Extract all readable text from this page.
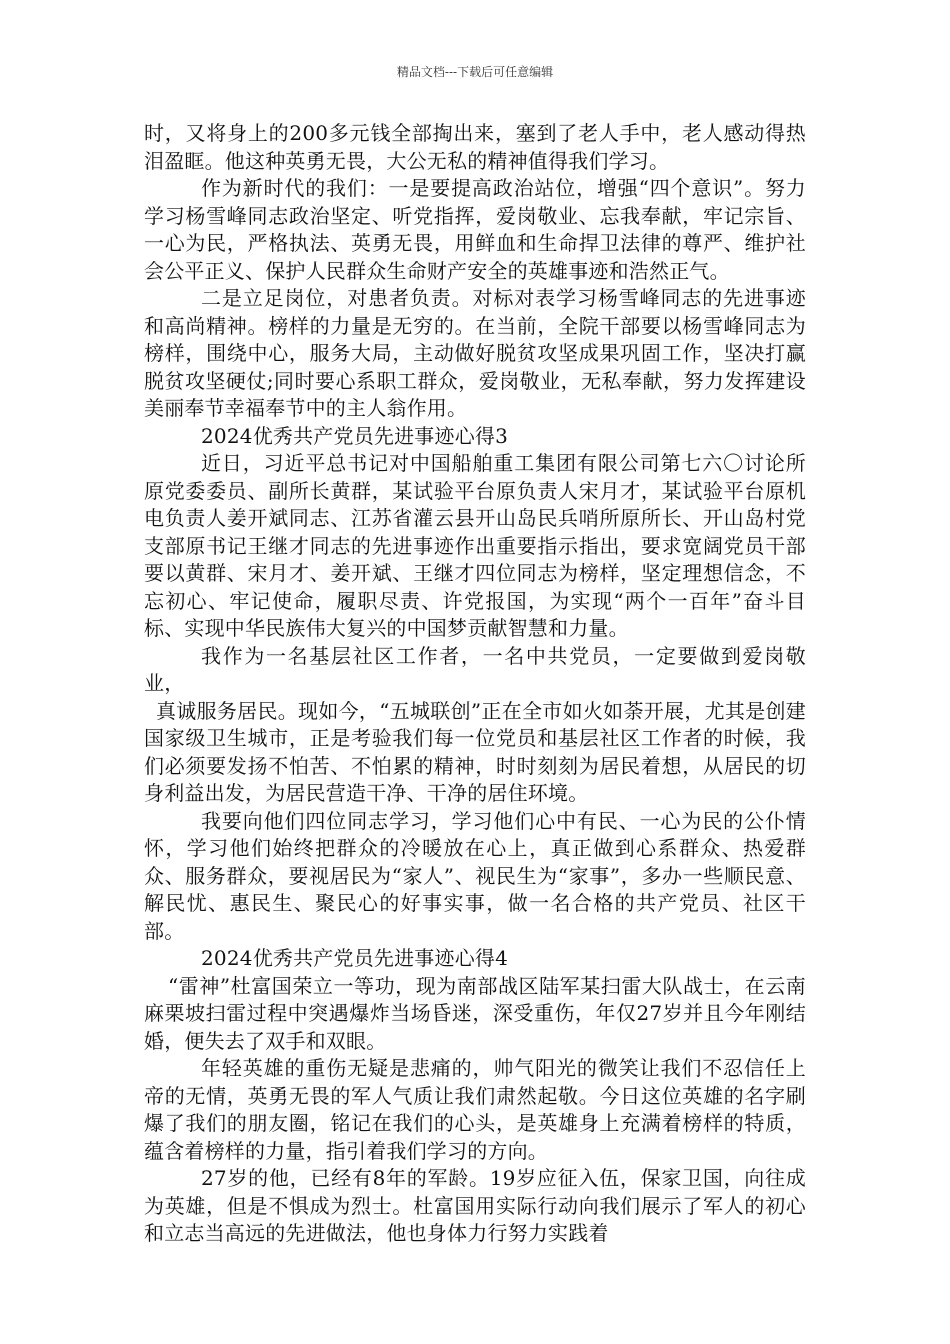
精品文档---下载后可任意编辑

时，又将身上的200多元钱全部掏出来，塞到了老人手中，老人感动得热泪盈眶。他这种英勇无畏，大公无私的精神值得我们学习。

作为新时代的我们：一是要提高政治站位，增强“四个意识”。努力学习杨雪峰同志政治坚定、听党指挥，爱岗敬业、忘我奉献，牢记宗旨、一心为民，严格执法、英勇无畏，用鲜血和生命捍卫法律的尊严、维护社会公平正义、保护人民群众生命财产安全的英雄事迹和浩然正气。

二是立足岗位，对患者负责。对标对表学习杨雪峰同志的先进事迹和高尚精神。榜样的力量是无穷的。在当前，全院干部要以杨雪峰同志为榜样，围绕中心，服务大局，主动做好脱贫攻坚成果巩固工作，坚决打赢脱贫攻坚硬仗;同时要心系职工群众，爱岗敬业，无私奉献，努力发挥建设美丽奉节幸福奉节中的主人翁作用。

2024优秀共产党员先进事迹心得3

近日，习近平总书记对中国船舶重工集团有限公司第七六〇讨论所原党委委员、副所长黄群，某试验平台原负责人宋月才，某试验平台原机电负责人姜开斌同志、江苏省灌云县开山岛民兵哨所原所长、开山岛村党支部原书记王继才同志的先进事迹作出重要指示指出，要求宽阔党员干部要以黄群、宋月才、姜开斌、王继才四位同志为榜样，坚定理想信念，不忘初心、牢记使命，履职尽责、许党报国，为实现“两个一百年”奋斗目标、实现中华民族伟大复兴的中国梦贡献智慧和力量。

我作为一名基层社区工作者，一名中共党员，一定要做到爱岗敬业，

真诚服务居民。现如今，“五城联创”正在全市如火如荼开展，尤其是创建国家级卫生城市，正是考验我们每一位党员和基层社区工作者的时候，我们必须要发扬不怕苦、不怕累的精神，时时刻刻为居民着想，从居民的切身利益出发，为居民营造干净、干净的居住环境。

我要向他们四位同志学习，学习他们心中有民、一心为民的公仆情怀，学习他们始终把群众的冷暖放在心上，真正做到心系群众、热爱群众、服务群众，要视居民为“家人”、视民生为“家事”，多办一些顺民意、解民忧、惠民生、聚民心的好事实事，做一名合格的共产党员、社区干部。

2024优秀共产党员先进事迹心得4

“雷神”杜富国荣立一等功，现为南部战区陆军某扫雷大队战士，在云南麻栗坡扫雷过程中突遇爆炸当场昏迷，深受重伤，年仅27岁并且今年刚结婚，便失去了双手和双眼。

年轻英雄的重伤无疑是悲痛的，帅气阳光的微笑让我们不忍信任上帝的无情，英勇无畏的军人气质让我们肃然起敬。今日这位英雄的名字刷爆了我们的朋友圈，铭记在我们的心头，是英雄身上充满着榜样的特质，蕴含着榜样的力量，指引着我们学习的方向。

27岁的他，已经有8年的军龄。19岁应征入伍，保家卫国，向往成为英雄，但是不惧成为烈士。杜富国用实际行动向我们展示了军人的初心和立志当高远的先进做法，他也身体力行努力实践着
